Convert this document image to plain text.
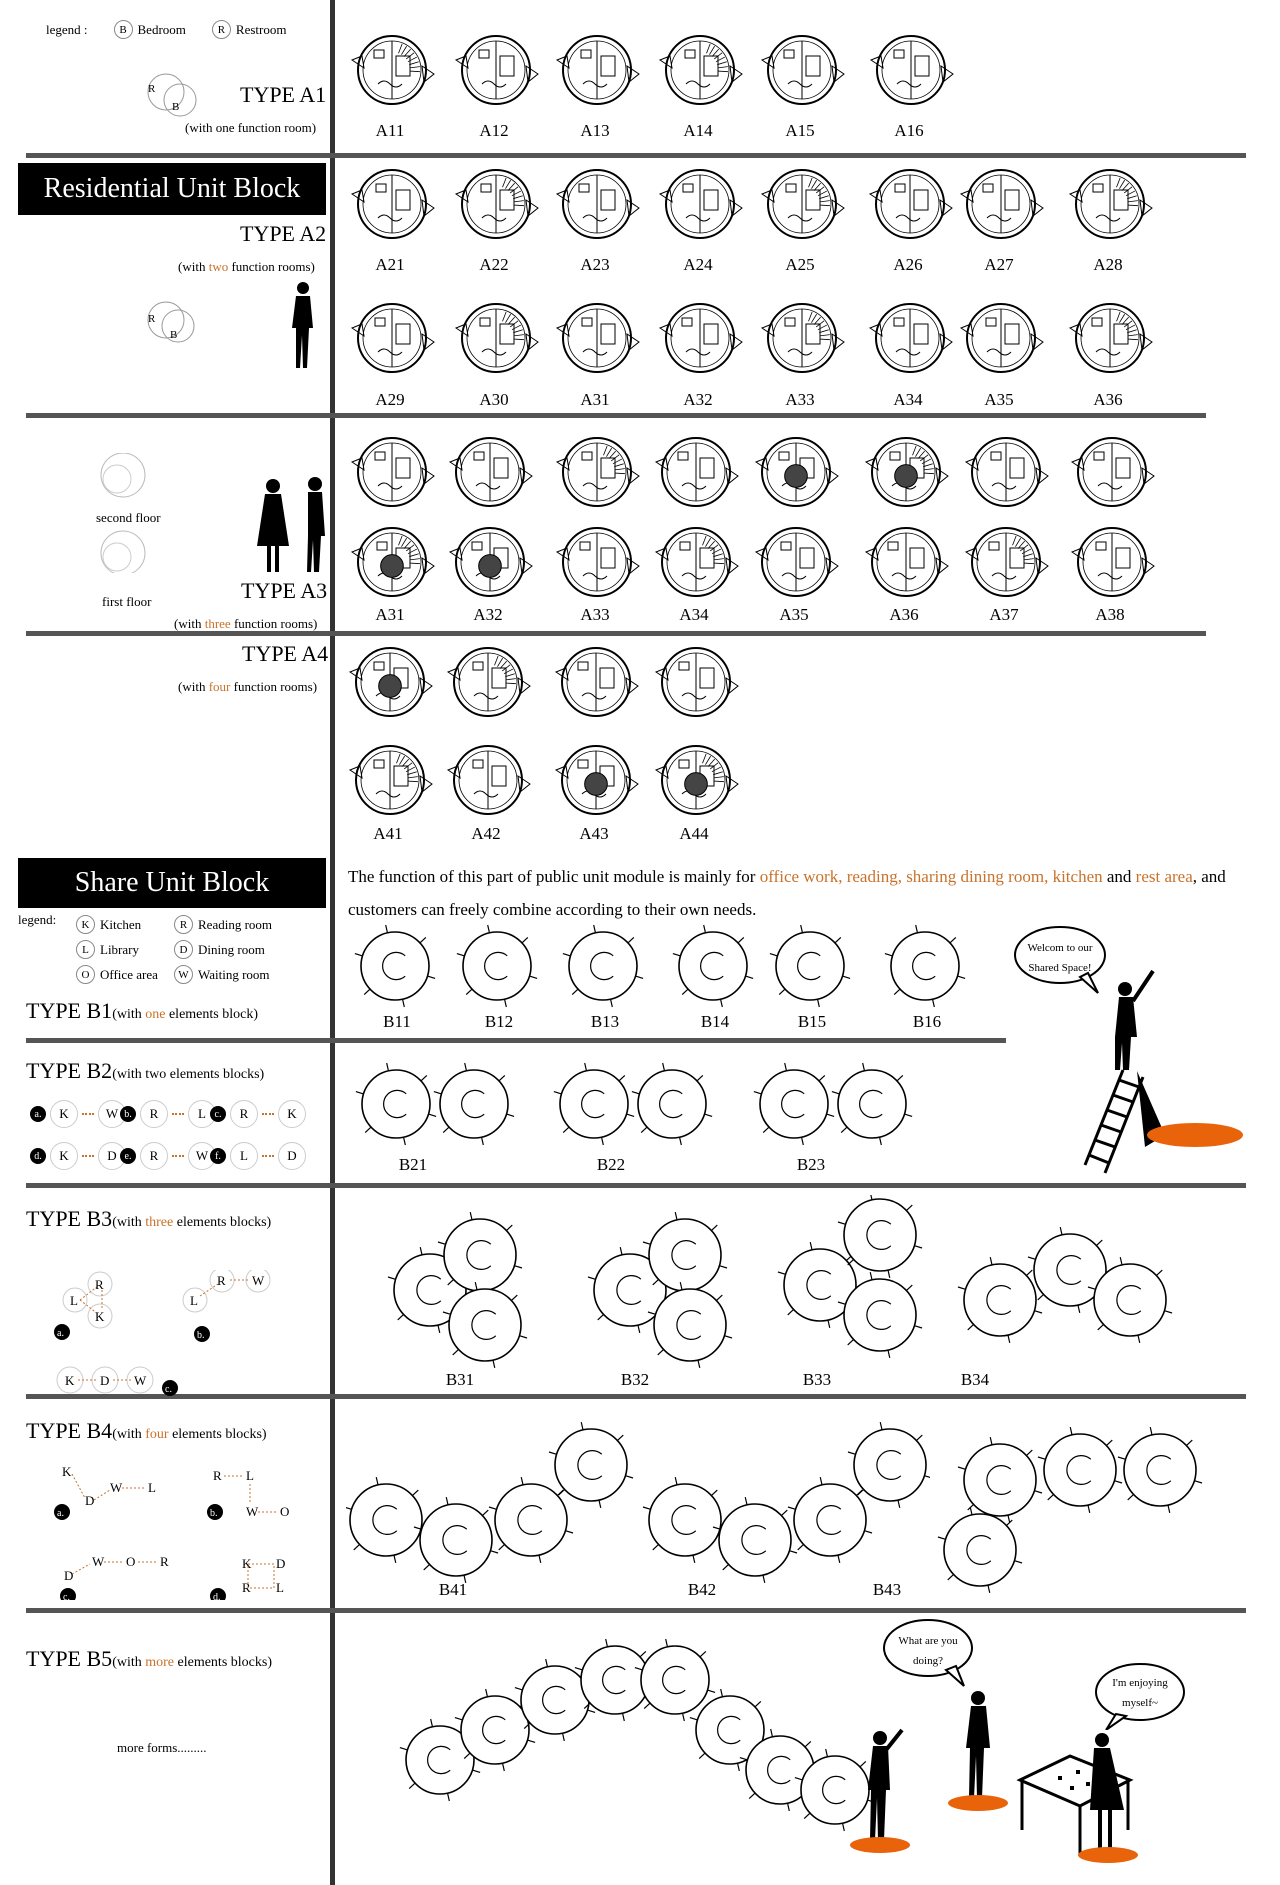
legend :	B Bedroom	R Restroom
R
B
R
B
TYPE A1
(with one function room)
Residential Unit Block
TYPE A2
(with two function rooms)
second floor
first floor	TYPE A3
(with three function rooms)
TYPE A4
(with four function rooms)
A11	A12	A13	A14	A15	A16
A21	A22	A23	A24	A25	A26	A27	A28
A29	A30	A31	A32	A33	A34	A35	A36
A31	A32	A33	A34	A35	A36	A37	A38
A41	A42	A43	A44
Share Unit Block
legend:	K Kitchen	R Reading room
L Library	D Dining room
O Office area	W Waiting room
The function of this part of public unit module is mainly for office work, reading, sharing dining room, kitchen and rest area, and customers can freely combine according to their own needs.
TYPE B1(with one elements block)
TYPE B2(with two elements blocks)
a.	K	W b.	R	L c.	R	K
d.	K	D e.	R	W f.	L	D
TYPE B3(with three elements blocks)
L
R
K
a.
L
R W
b.
K D W
c.
TYPE B4(with four elements blocks)
K
D
W L
a.
R L
W O
b.
D
W O R
c.
K D
R L
d.
TYPE B5(with more elements blocks)
more forms.........
B11	B12	B13	B14	B15	B16
B21	B22	B23
B31	B32	B33	B34
B41	B42	B43
Welcom to our
Shared Space!
What are you
doing?
I'm enjoying
myself~
